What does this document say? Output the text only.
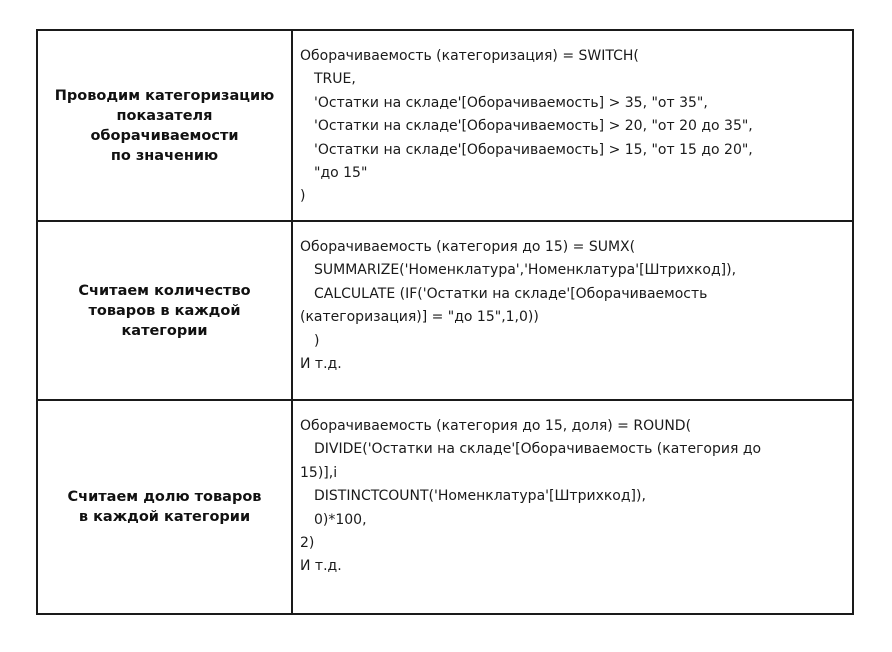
Проводим категоризацию
показателя
оборачиваемости
по значению
Оборачиваемость (категоризация) = SWITCH(
TRUE,
'Остатки на складе'[Оборачиваемость] > 35, "от 35",
'Остатки на складе'[Оборачиваемость] > 20, "от 20 до 35",
'Остатки на складе'[Оборачиваемость] > 15, "от 15 до 20",
"до 15"
)
Считаем количество
товаров в каждой
категории
Оборачиваемость (категория до 15) = SUMX(
SUMMARIZE('Номенклатура','Номенклатура'[Штрихкод]),
CALCULATE (IF('Остатки на складе'[Оборачиваемость
(категоризация)] = "до 15",1,0))
)
И т.д.
Считаем долю товаров
в каждой категории
Оборачиваемость (категория до 15, доля) = ROUND(
DIVIDE('Остатки на складе'[Оборачиваемость (категория до
15)],i
DISTINCTCOUNT('Номенклатура'[Штрихкод]),
0)*100,
2)
И т.д.
